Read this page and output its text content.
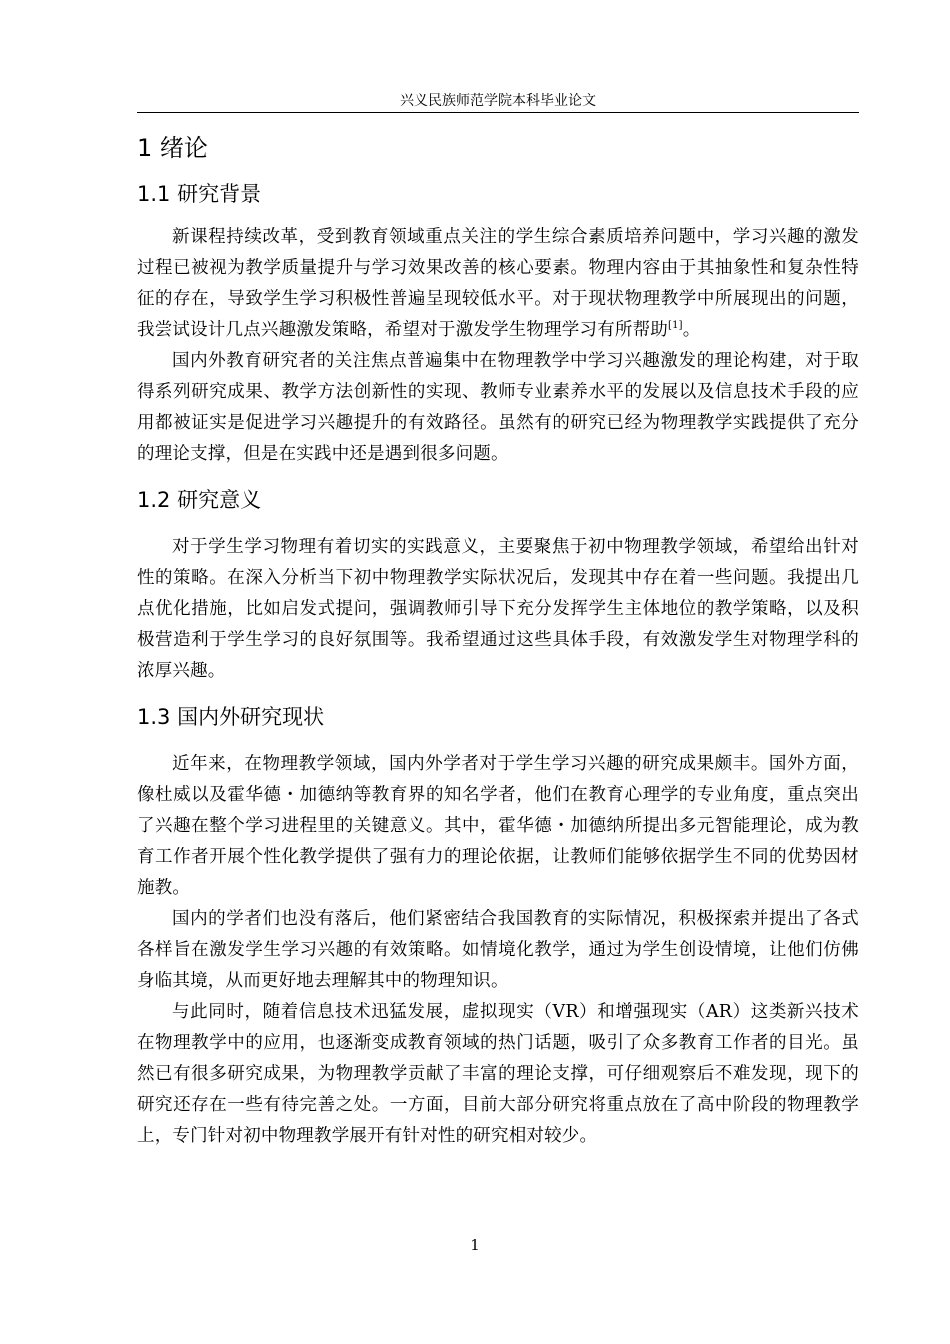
兴义民族师范学院本科毕业论文
1 绪论
1.1 研究背景

新课程持续改革，受到教育领域重点关注的学生综合素质培养问题中，学习兴趣的激发过程已被视为教学质量提升与学习效果改善的核心要素。物理内容由于其抽象性和复杂性特征的存在，导致学生学习积极性普遍呈现较低水平。对于现状物理教学中所展现出的问题，我尝试设计几点兴趣激发策略，希望对于激发学生物理学习有所帮助[1]。

国内外教育研究者的关注焦点普遍集中在物理教学中学习兴趣激发的理论构建，对于取得系列研究成果、教学方法创新性的实现、教师专业素养水平的发展以及信息技术手段的应用都被证实是促进学习兴趣提升的有效路径。虽然有的研究已经为物理教学实践提供了充分的理论支撑，但是在实践中还是遇到很多问题。

1.2 研究意义

对于学生学习物理有着切实的实践意义，主要聚焦于初中物理教学领域，希望给出针对性的策略。在深入分析当下初中物理教学实际状况后，发现其中存在着一些问题。我提出几点优化措施，比如启发式提问，强调教师引导下充分发挥学生主体地位的教学策略，以及积极营造利于学生学习的良好氛围等。我希望通过这些具体手段，有效激发学生对物理学科的浓厚兴趣。

1.3 国内外研究现状

近年来，在物理教学领域，国内外学者对于学生学习兴趣的研究成果颇丰。国外方面，像杜威以及霍华德・加德纳等教育界的知名学者，他们在教育心理学的专业角度，重点突出了兴趣在整个学习进程里的关键意义。其中，霍华德・加德纳所提出多元智能理论，成为教育工作者开展个性化教学提供了强有力的理论依据，让教师们能够依据学生不同的优势因材施教。

国内的学者们也没有落后，他们紧密结合我国教育的实际情况，积极探索并提出了各式各样旨在激发学生学习兴趣的有效策略。如情境化教学，通过为学生创设情境，让他们仿佛身临其境，从而更好地去理解其中的物理知识。

与此同时，随着信息技术迅猛发展，虚拟现实（VR）和增强现实（AR）这类新兴技术在物理教学中的应用，也逐渐变成教育领域的热门话题，吸引了众多教育工作者的目光。虽然已有很多研究成果，为物理教学贡献了丰富的理论支撑，可仔细观察后不难发现，现下的研究还存在一些有待完善之处。一方面，目前大部分研究将重点放在了高中阶段的物理教学上，专门针对初中物理教学展开有针对性的研究相对较少。

1
